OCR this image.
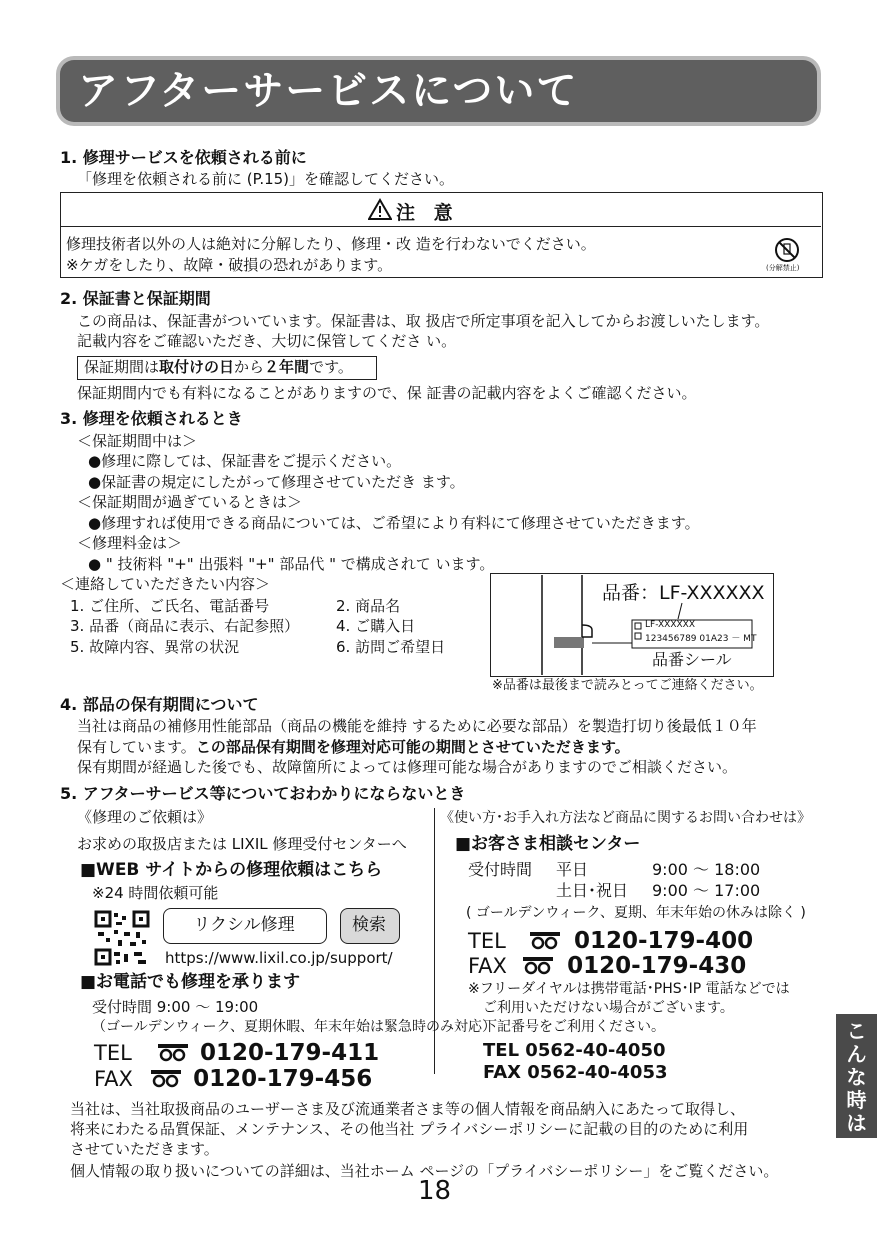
アフターサービスについて
1. 修理サービスを依頼される前に
「修理を依頼される前に (P.15)」を確認してください。
注 意
修理技術者以外の人は絶対に分解したり、修理・改 造を行わないでください。
※ケガをしたり、故障・破損の恐れがあります。	(分解禁止)
2. 保証書と保証期間
この商品は、保証書がついています。保証書は、取 扱店で所定事項を記入してからお渡しいたします。
記載内容をご確認いただき、大切に保管してくださ い。
保証期間は取付けの日から２年間です。
保証期間内でも有料になることがありますので、保 証書の記載内容をよくご確認ください。
3. 修理を依頼されるとき
＜保証期間中は＞
●修理に際しては、保証書をご提示ください。
●保証書の規定にしたがって修理させていただき ます。
＜保証期間が過ぎているときは＞
●修理すれば使用できる商品については、ご希望により有料にて修理させていただきます。
＜修理料金は＞
● " 技術料 "+" 出張料 "+" 部品代 " で構成されて います。
＜連絡していただきたい内容＞
1. ご住所、ご氏名、電話番号	2. 商品名
3. 品番（商品に表示、右記参照） 4. ご購入日
5. 故障内容、異常の状況	6. 訪問ご希望日
品番：LF-XXXXXX
LF-XXXXXX
123456789 01A23 － MT
品番シール
※品番は最後まで読みとってご連絡ください。
4. 部品の保有期間について
当社は商品の補修用性能部品（商品の機能を維持 するために必要な部品）を製造打切り後最低１０年
保有しています。この部品保有期間を修理対応可能の期間とさせていただきます。
保有期間が経過した後でも、故障箇所によっては修理可能な場合がありますのでご相談ください。
5. アフターサービス等についておわかりにならないとき
《修理のご依頼は》
お求めの取扱店または LIXIL 修理受付センターへ
■WEB サイトからの修理依頼はこちら
※24 時間依頼可能
リクシル修理	検索
https://www.lixil.co.jp/support/
■お電話でも修理を承ります
受付時間 9:00 ～ 19:00
（ゴールデンウィーク、夏期休暇、年末年始は緊急時のみ対応）
TEL	0120-179-411
FAX	0120-179-456
《使い方･お手入れ方法など商品に関するお問い合わせは》
■お客さま相談センター
受付時間 平日	9:00 ～ 18:00
土日･祝日 9:00 ～ 17:00
( ゴールデンウィーク、夏期、年末年始の休みは除く )
TEL	0120-179-400
FAX	0120-179-430
※フリーダイヤルは携帯電話･PHS･IP 電話などでは
ご利用いただけない場合がございます。
下記番号をご利用ください。
TEL 0562-40-4050
FAX 0562-40-4053
当社は、当社取扱商品のユーザーさま及び流通業者さま等の個人情報を商品納入にあたって取得し、
将来にわたる品質保証、メンテナンス、その他当社 プライバシーポリシーに記載の目的のために利用
させていただきます。
個人情報の取り扱いについての詳細は、当社ホーム ページの「プライバシーポリシー」をご覧ください。
18
こ
ん
な
時
は
